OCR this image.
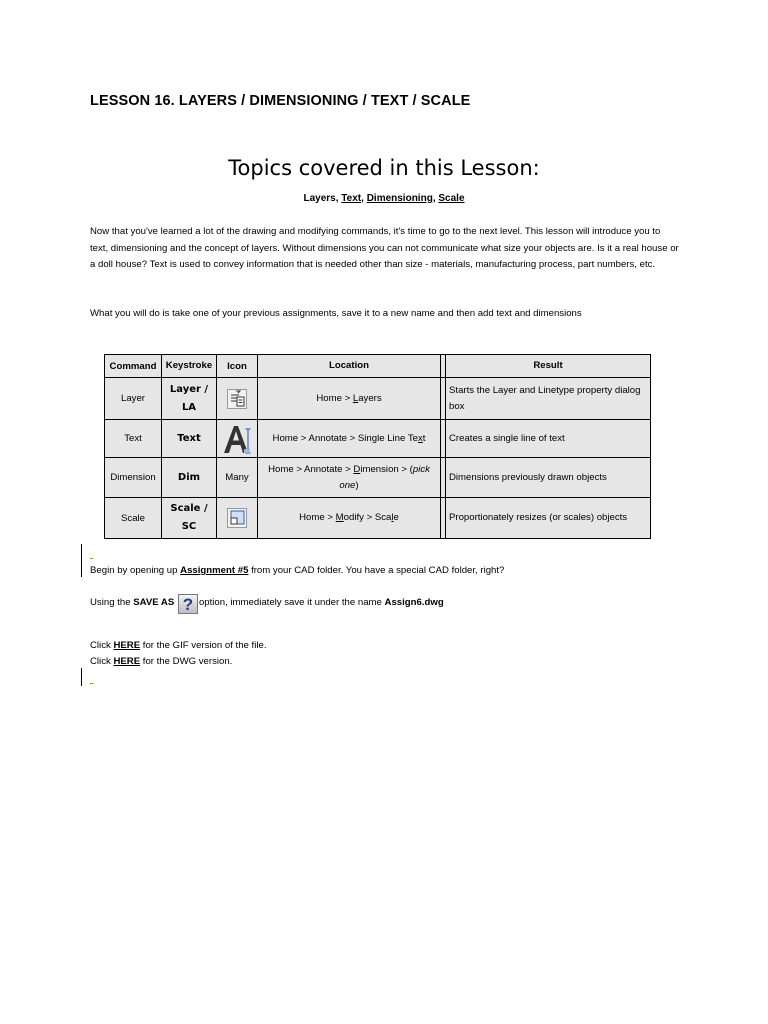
LESSON 16. LAYERS / DIMENSIONING / TEXT / SCALE
Topics covered in this Lesson:
Layers, Text, Dimensioning, Scale
Now that you've learned a lot of the drawing and modifying commands, it's time to go to the next level. This lesson will introduce you to text, dimensioning and the concept of layers. Without dimensions you can not communicate what size your objects are. Is it a real house or a doll house? Text is used to convey information that is needed other than size - materials, manufacturing process, part numbers, etc.
What you will do is take one of your previous assignments, save it to a new name and then add text and dimensions
Command	Keystroke	Icon	Location		Result
Layer	Layer / LA		Home > Layers		Starts the Layer and Linetype property dialog box
Text	Text		Home > Annotate > Single Line Text		Creates a single line of text
Dimension	Dim	Many	Home > Annotate > Dimension > (pick one)		Dimensions previously drawn objects
Scale	Scale / SC		Home > Modify > Scale		Proportionately resizes (or scales) objects
Begin by opening up Assignment #5 from your CAD folder. You have a special CAD folder, right?
Using the SAVE AS ? option, immediately save it under the name Assign6.dwg
Click HERE for the GIF version of the file.
Click HERE for the DWG version.
